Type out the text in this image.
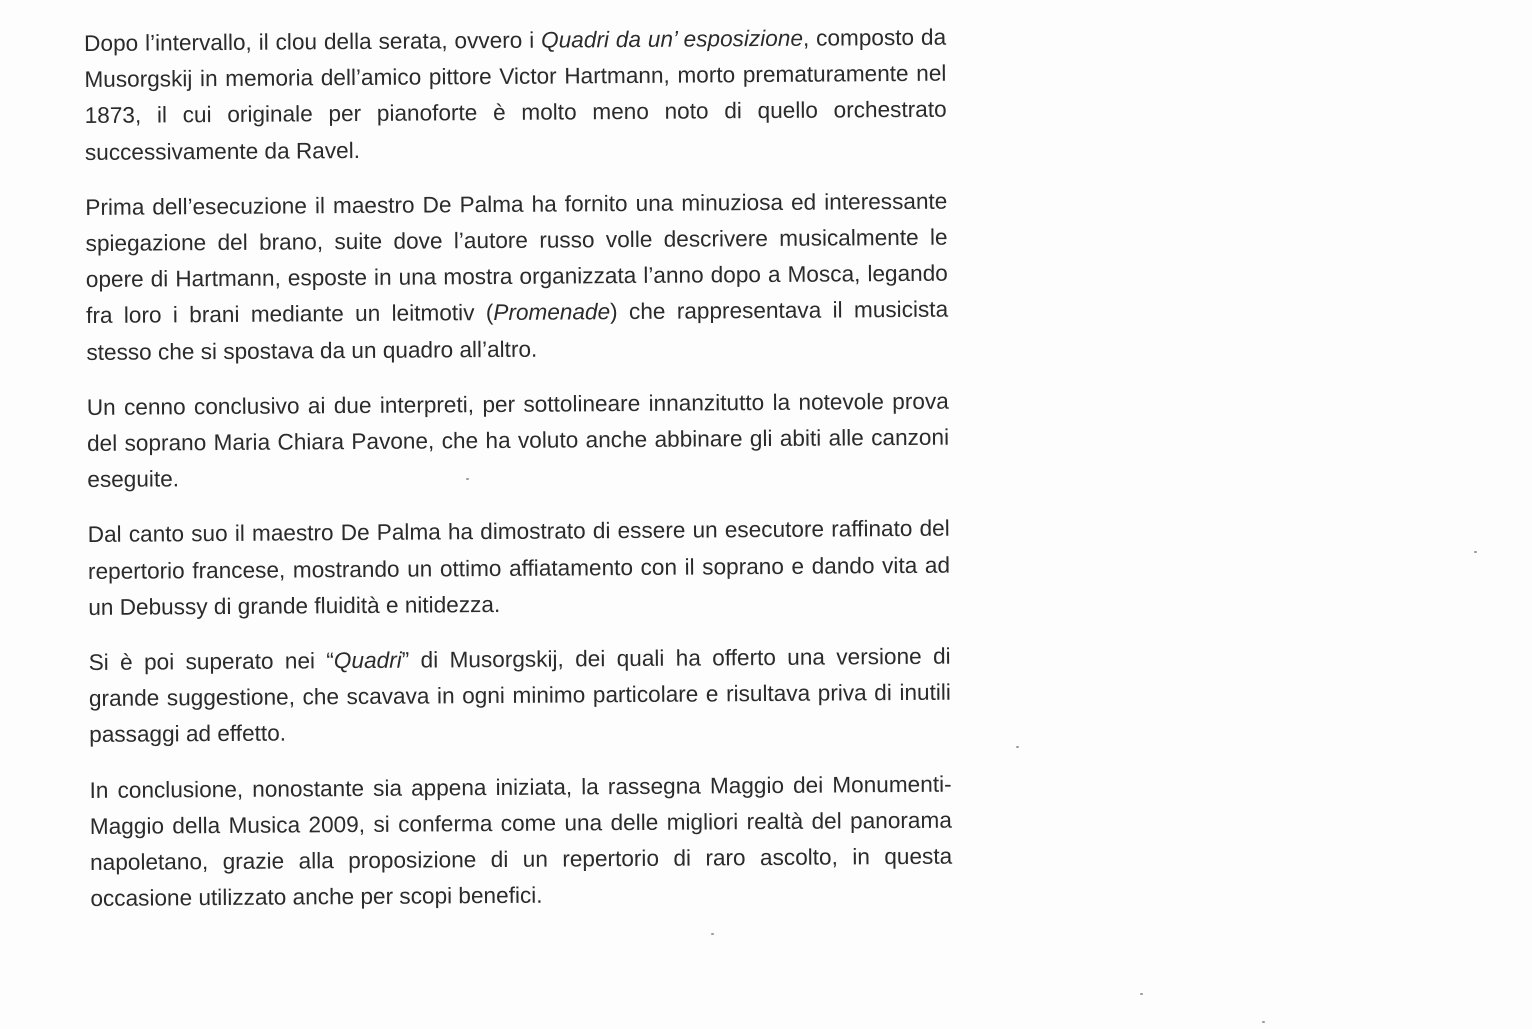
Dopo l’intervallo, il clou della serata, ovvero i Quadri da un’ esposizione, composto da Musorgskij in memoria dell’amico pittore Victor Hartmann, morto prematuramente nel 1873, il cui originale per pianoforte è molto meno noto di quello orchestrato successivamente da Ravel.

Prima dell’esecuzione il maestro De Palma ha fornito una minuziosa ed interessante spiegazione del brano, suite dove l’autore russo volle descrivere musicalmente le opere di Hartmann, esposte in una mostra organizzata l’anno dopo a Mosca, legando fra loro i brani mediante un leitmotiv (Promenade) che rappresentava il musicista stesso che si spostava da un quadro all’altro.

Un cenno conclusivo ai due interpreti, per sottolineare innanzitutto la notevole prova del soprano Maria Chiara Pavone, che ha voluto anche abbinare gli abiti alle canzoni eseguite.

Dal canto suo il maestro De Palma ha dimostrato di essere un esecutore raffinato del repertorio francese, mostrando un ottimo affiatamento con il soprano e dando vita ad un Debussy di grande fluidità e nitidezza.

Si è poi superato nei “Quadri” di Musorgskij, dei quali ha offerto una versione di grande suggestione, che scavava in ogni minimo particolare e risultava priva di inutili passaggi ad effetto.

In conclusione, nonostante sia appena iniziata, la rassegna Maggio dei Monumenti-Maggio della Musica 2009, si conferma come una delle migliori realtà del panorama napoletano, grazie alla proposizione di un repertorio di raro ascolto, in questa occasione utilizzato anche per scopi benefici.
